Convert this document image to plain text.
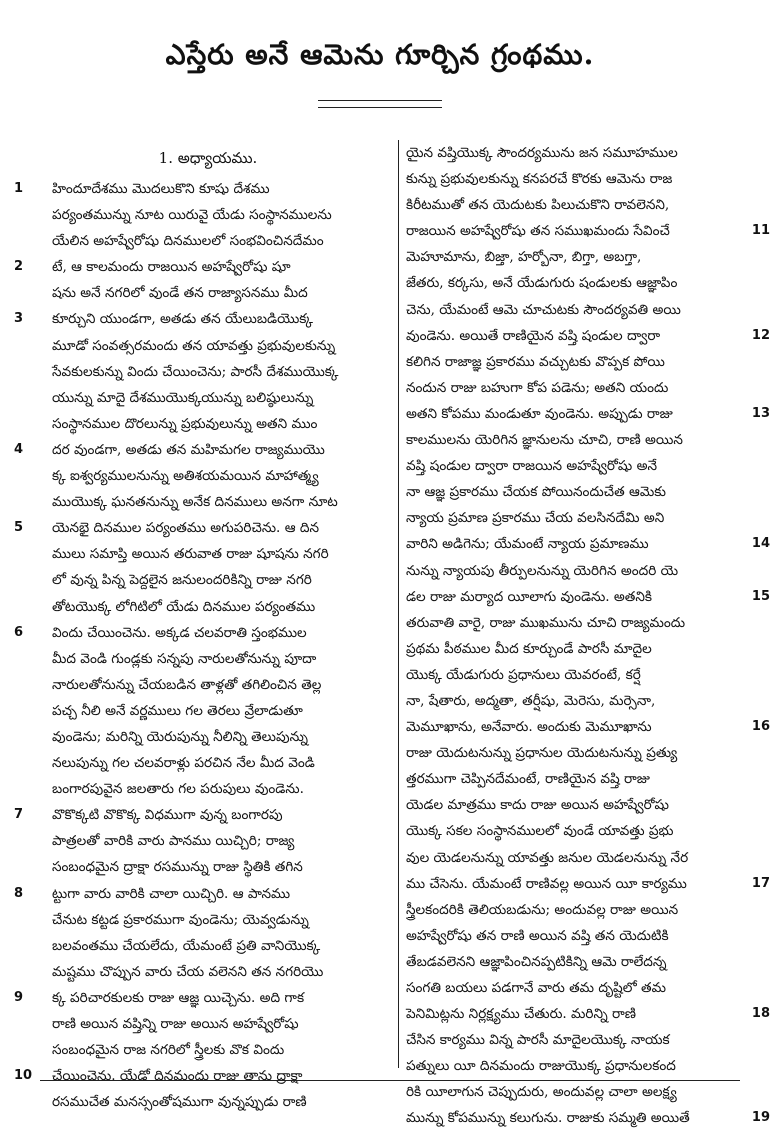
ఎస్తేరు అనే ఆమెను గూర్చిన గ్రంథము.
1. అధ్యాయము.
1	హిందూదేశము మొదలుకొని కూషు దేశము
పర్యంతమున్ను నూట యిరువై యేడు సంస్థానములను
యేలిన అహష్వేరోషు దినములలో సంభవించినదేమం
2	టే, ఆ కాలమందు రాజయిన అహష్వేరోషు షూ
షను అనే నగరిలో వుండే తన రాజ్యాసనము మీద
3	కూర్చుని యుండగా, అతడు తన యేలుబడియొక్క
మూడో సంవత్సరమందు తన యావత్తు ప్రభువులకున్ను
సేవకులకున్ను విందు చేయించెను; పారసీ దేశముయొక్క
యున్ను మాదై దేశముయొక్కయున్ను బలిష్ఠులున్ను
సంస్థానముల దొరలున్ను ప్రభువులున్ను అతని ముం
4	దర వుండగా, అతడు తన మహిమగల రాజ్యముయొ
క్క ఐశ్వర్యములనున్ను అతిశయమయిన మాహాత్మ్య
ముయొక్క ఘనతనున్ను అనేక దినములు అనగా నూట
5	యెనభై దినముల పర్యంతము అగుపరిచెను. ఆ దిన
ములు సమాప్తి అయిన తరువాత రాజు షూషను నగరి
లో వున్న పిన్న పెద్దలైన జనులందరికిన్ని రాజు నగరి
తోటయొక్క లోగిటిలో యేడు దినముల పర్యంతము
6	విందు చేయించెను. అక్కడ చలవరాతి స్తంభముల
మీద వెండి గుండ్లకు సన్నపు నారులతోనున్ను పూదా
నారులతోనున్ను చేయబడిన తాళ్లతో తగిలించిన తెల్ల
పచ్చ నీలి అనే వర్ణములు గల తెరలు వ్రేలాడుతూ
వుండెను; మరిన్ని యెరుపున్ను నీలిన్ని తెలుపున్ను
నలుపున్ను గల చలవరాళ్లు పరచిన నేల మీద వెండి
బంగారపువైన జలతారు గల పరుపులు వుండెను.
7	వొకొక్కటి వొకొక్క విధముగా వున్న బంగారపు
పాత్రలతో వారికి వారు పానము యిచ్చిరి; రాజ్య
సంబంధమైన ద్రాక్షా రసమున్ను రాజు స్థితికి తగిన
8	ట్టుగా వారు వారికి చాలా యిచ్చిరి. ఆ పానము
చేనుట కట్టడ ప్రకారముగా వుండెను; యెవ్వడున్ను
బలవంతము చేయలేదు, యేమంటే ప్రతి వానియొక్క
మష్టము చొప్పున వారు చేయ వలెనని తన నగరియొ
9	క్క పరిచారకులకు రాజు ఆజ్ఞ యిచ్చెను. అది గాక
రాణి అయిన వష్తిన్ని రాజు అయిన అహష్వేరోషు
సంబంధమైన రాజ నగరిలో స్త్రీలకు వొక విందు
10 చేయించెను. యేడో దినమందు రాజు తాను ద్రాక్షా
రసముచేత మనస్సంతోషముగా వున్నప్పుడు రాణి
యైన వష్తియొక్క సౌందర్యమును జన సమూహముల
కున్ను ప్రభువులకున్ను కనపరచే కొరకు ఆమెను రాజ
కిరీటముతో తన యెదుటకు పిలుచుకొని రావలెనని,
11
రాజయిన అహష్వేరోషు తన సముఖమందు సేవించే
మెహూమాను, బిజ్తా, హర్బోనా, బిగ్తా, అబగ్తా,
జేతరు, కర్కసు, అనే యేడుగురు షండులకు ఆజ్ఞాపిం
చెను, యేమంటే ఆమె చూచుటకు సౌందర్యవతి అయి
12
వుండెను. అయితే రాణియైన వష్తి షండుల ద్వారా
కలిగిన రాజాజ్ఞ ప్రకారము వచ్చుటకు వొప్పక పోయి
నందున రాజు బహుగా కోప పడెను; అతని యందు
13
అతని కోపము మండుతూ వుండెను. అప్పుడు రాజు
కాలములను యెరిగిన జ్ఞానులను చూచి, రాణి అయిన
వష్తి షండుల ద్వారా రాజయిన అహష్వేరోషు అనే
నా ఆజ్ఞ ప్రకారము చేయక పోయినందుచేత ఆమెకు
న్యాయ ప్రమాణ ప్రకారము చేయ వలసినదేమి అని
14
వారిని అడిగెను; యేమంటే న్యాయ ప్రమాణము
నున్ను న్యాయపు తీర్పులనున్ను యెరిగిన అందరి యె
15
డల రాజు మర్యాద యీలాగు వుండెను. అతనికి
తరువాతి వారై, రాజు ముఖమును చూచి రాజ్యమందు
ప్రథమ పీఠముల మీద కూర్చుండే పారసీ మాదైల
యొక్క యేడుగురు ప్రధానులు యెవరంటే, కర్షే
నా, షేతారు, అద్మతా, తర్షీషు, మెరెసు, మర్సెనా,
16
మెమూఖాను, అనేవారు. అందుకు మెమూఖాను
రాజు యెదుటనున్ను ప్రధానుల యెదుటనున్ను ప్రత్యు
త్తరముగా చెప్పినదేమంటే, రాణియైన వష్తి రాజు
యెడల మాత్రము కాదు రాజు అయిన అహష్వేరోషు
యొక్క సకల సంస్థానములలో వుండే యావత్తు ప్రభు
వుల యెడలనున్ను యావత్తు జనుల యెడలనున్ను నేర
17
ము చేసెను. యేమంటే రాణివల్ల అయిన యీ కార్యము
స్త్రీలకందరికి తెలియబడును; అందువల్ల రాజు అయిన
అహష్వేరోషు తన రాణి అయిన వష్తి తన యెదుటికి
తేబడవలెనని ఆజ్ఞాపించినప్పటికిన్ని ఆమె రాలేదన్న
సంగతి బయలు పడగానే వారు తమ దృష్టిలో తమ
18
పెనిమిట్లను నిర్లక్ష్యము చేతురు. మరిన్ని రాణి
చేసిన కార్యము విన్న పారసీ మాదైలయొక్క నాయక
పత్నులు యీ దినమందు రాజుయొక్క ప్రధానులకంద
రికి యీలాగున చెప్పుదురు, అందువల్ల చాలా అలక్ష్య
19
మున్ను కోపమున్ను కలుగును. రాజుకు సమ్మతి అయితే
